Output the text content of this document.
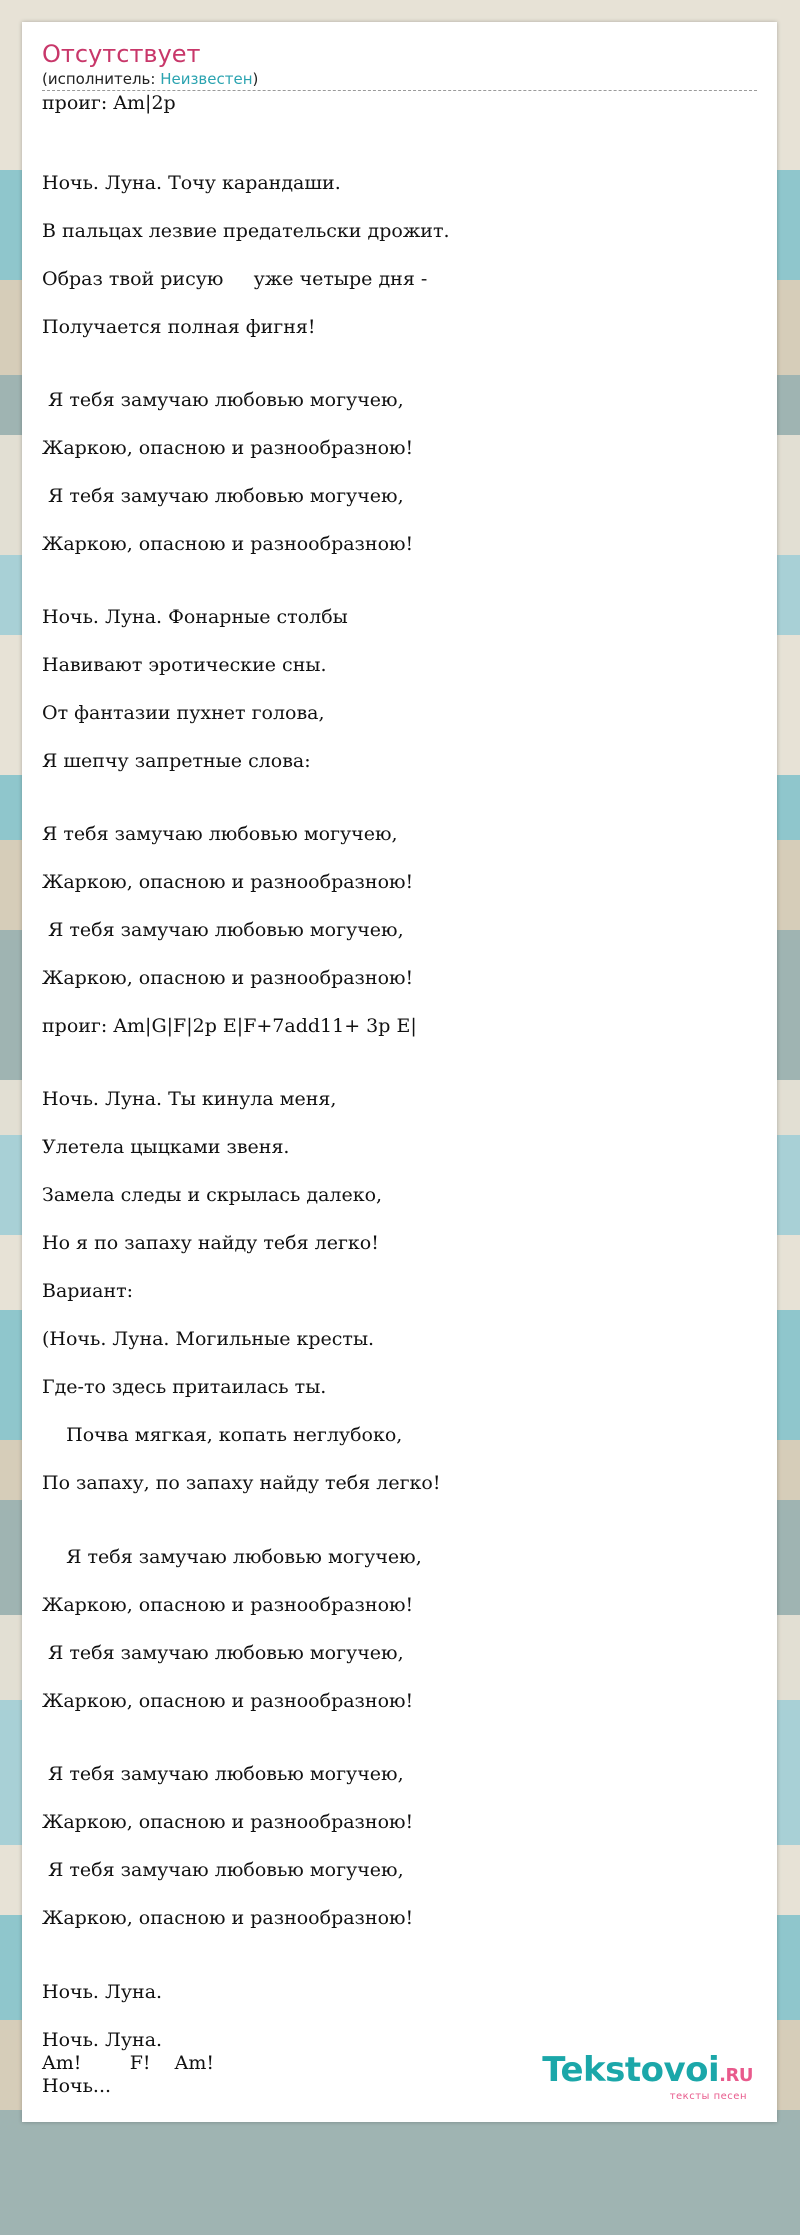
Отсутствует
(исполнитель: Неизвестен)
проиг: Am|2p
Ночь. Луна. Точу карандаши.
В пальцах лезвие предательски дрожит.
Образ твой рисую     уже четыре дня -
Получается полная фигня!
Я тебя замучаю любовью могучею,
Жаркою, опасною и разнообразною!
Я тебя замучаю любовью могучею,
Жаркою, опасною и разнообразною!
Ночь. Луна. Фонарные столбы
Навивают эротические сны.
От фантазии пухнет голова,
Я шепчу запретные слова:
Я тебя замучаю любовью могучею,
Жаркою, опасною и разнообразною!
Я тебя замучаю любовью могучею,
Жаркою, опасною и разнообразною!
проиг: Am|G|F|2p E|F+7add11+ 3p E|
Ночь. Луна. Ты кинула меня,
Улетела цыцками звеня.
Замела следы и скрылась далеко,
Но я по запаху найду тебя легко!
Вариант:
(Ночь. Луна. Могильные кресты.
Где-то здесь притаилась ты.
Почва мягкая, копать неглубоко,
По запаху, по запаху найду тебя легко!
Я тебя замучаю любовью могучею,
Жаркою, опасною и разнообразною!
Я тебя замучаю любовью могучею,
Жаркою, опасною и разнообразною!
Я тебя замучаю любовью могучею,
Жаркою, опасною и разнообразною!
Я тебя замучаю любовью могучею,
Жаркою, опасною и разнообразною!
Ночь. Луна.
Ночь. Луна.
Am!        F!    Am!
Ночь...	Tekstovoi.RU
тексты песен
